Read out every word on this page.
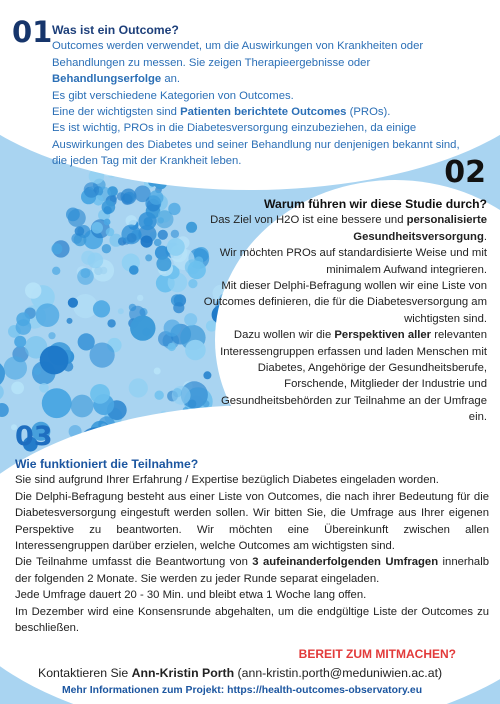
01 Was ist ein Outcome?

Outcomes werden verwendet, um die Auswirkungen von Krankheiten oder Behandlungen zu messen. Sie zeigen Therapieergebnisse oder Behandlungserfolge an.

Es gibt verschiedene Kategorien von Outcomes.

Eine der wichtigsten sind Patienten berichtete Outcomes (PROs).

Es ist wichtig, PROs in die Diabetesversorgung einzubeziehen, da einige Auswirkungen des Diabetes und seiner Behandlung nur denjenigen bekannt sind, die jeden Tag mit der Krankheit leben.	02

Warum führen wir diese Studie durch?

Das Ziel von H2O ist eine bessere und personalisierte Gesundheitsversorgung.

Wir möchten PROs auf standardisierte Weise und mit minimalem Aufwand integrieren.

Mit dieser Delphi-Befragung wollen wir eine Liste von Outcomes definieren, die für die Diabetesversorgung am wichtigsten sind.

Dazu wollen wir die Perspektiven aller relevanten Interessengruppen erfassen und laden Menschen mit Diabetes, Angehörige der Gesundheitsberufe, Forschende, Mitglieder der Industrie und Gesundheitsbehörden zur Teilnahme an der Umfrage ein.

03

Wie funktioniert die Teilnahme?

Sie sind aufgrund Ihrer Erfahrung / Expertise bezüglich Diabetes eingeladen worden.

Die Delphi-Befragung besteht aus einer Liste von Outcomes, die nach ihrer Bedeutung für die Diabetesversorgung eingestuft werden sollen. Wir bitten Sie, die Umfrage aus Ihrer eigenen Perspektive zu beantworten. Wir möchten eine Übereinkunft zwischen allen Interessengruppen darüber erzielen, welche Outcomes am wichtigsten sind.

Die Teilnahme umfasst die Beantwortung von 3 aufeinanderfolgenden Umfragen innerhalb der folgenden 2 Monate. Sie werden zu jeder Runde separat eingeladen.

Jede Umfrage dauert 20 - 30 Min. und bleibt etwa 1 Woche lang offen.

Im Dezember wird eine Konsensrunde abgehalten, um die endgültige Liste der Outcomes zu beschließen.

BEREIT ZUM MITMACHEN?
Kontaktieren Sie Ann-Kristin Porth (ann-kristin.porth@meduniwien.ac.at)
Mehr Informationen zum Projekt: https://health-outcomes-observatory.eu
